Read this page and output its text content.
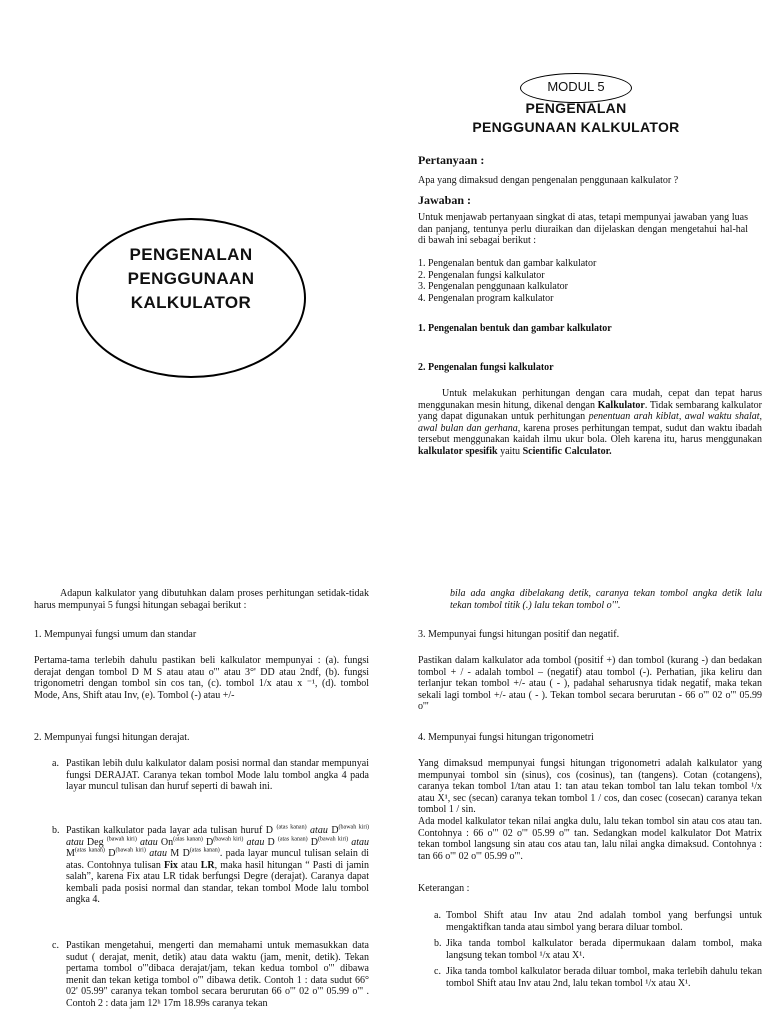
PENGENALAN
PENGGUNAAN
KALKULATOR
MODUL 5
PENGENALAN
PENGGUNAAN KALKULATOR
Pertanyaan :
Apa yang dimaksud dengan pengenalan penggunaan kalkulator ?
Jawaban :
Untuk menjawab pertanyaan singkat di atas, tetapi mempunyai jawaban yang luas dan panjang, tentunya perlu diuraikan dan dijelaskan dengan mengetahui hal-hal di bawah ini sebagai berikut :

1. Pengenalan bentuk dan gambar kalkulator

2. Pengenalan fungsi kalkulator

3. Pengenalan penggunaan kalkulator

4. Pengenalan program kalkulator

1. Pengenalan bentuk dan gambar kalkulator
2. Pengenalan fungsi kalkulator
Untuk melakukan perhitungan dengan cara mudah, cepat dan tepat harus menggunakan mesin hitung, dikenal dengan Kalkulator. Tidak sembarang kalkulator yang dapat digunakan untuk perhitungan penentuan arah kiblat, awal waktu shalat, awal bulan dan gerhana, karena proses perhitungan tempat, sudut dan waktu ibadah tersebut menggunakan kaidah ilmu ukur bola. Oleh karena itu, harus menggunakan kalkulator spesifik yaitu Scientific Calculator.
Adapun kalkulator yang dibutuhkan dalam proses perhitungan setidak-tidak harus mempunyai 5 fungsi hitungan sebagai berikut :
1. Mempunyai fungsi umum dan standar
Pertama-tama terlebih dahulu pastikan beli kalkulator mempunyai : (a). fungsi derajat dengan tombol D M S atau atau o'" atau 3°' DD atau 2ndf, (b). fungsi trigonometri dengan tombol sin cos tan, (c). tombol 1/x atau x ⁻¹, (d). tombol Mode, Ans, Shift atau Inv, (e). Tombol (-) atau +/-
2. Mempunyai fungsi hitungan derajat.
a. Pastikan lebih dulu kalkulator dalam posisi normal dan standar mempunyai fungsi DERAJAT. Caranya tekan tombol Mode lalu tombol angka 4 pada layar muncul tulisan dan huruf seperti di bawah ini.
b. Pastikan kalkulator pada layar ada tulisan huruf D $^{(atas kanan)}$ atau $D^{(bawah kiri)}$ atau Deg $^{(bawah kiri)}$ atau $On^{(atas kanan)}$ $D^{(bawah kiri)}$ atau D $^{(atas kanan)}$ $D^{(bawah kiri)}$ atau $M^{(atas kanan)}$ $D^{(bawah kiri)}$ atau M $D^{(atas kanan)}$. pada layar muncul tulisan selain di atas. Contohnya tulisan Fix atau LR, maka hasil hitungan “ Pasti di jamin salah”, karena Fix atau LR tidak berfungsi Degre (derajat). Caranya dapat kembali pada posisi normal dan standar, tekan tombol Mode lalu tombol angka 4.
c. Pastikan mengetahui, mengerti dan memahami untuk memasukkan data sudut ( derajat, menit, detik) atau data waktu (jam, menit, detik). Tekan pertama tombol o'"dibaca derajat/jam, tekan kedua tombol o'" dibawa menit dan tekan ketiga tombol o'" dibawa detik. Contoh 1 : data sudut 66° 02' 05.99" caranya tekan tombol secara berurutan 66 o'" 02 o'" 05.99 o'" . Contoh 2 : data jam 12ʰ 17m 18.99s caranya tekan
bila ada angka dibelakang detik, caranya tekan tombol angka detik lalu tekan tombol titik (.) lalu tekan tombol o'".
3. Mempunyai fungsi hitungan positif dan negatif.
Pastikan dalam kalkulator ada tombol (positif +) dan tombol (kurang -) dan bedakan tombol + / - adalah tombol – (negatif) atau tombol (-). Perhatian, jika keliru dan terlanjur tekan tombol +/- atau ( - ), padahal seharusnya tidak negatif, maka tekan sekali lagi tombol +/- atau ( - ). Tekan tombol secara berurutan - 66 o'" 02 o'" 05.99 o'"
4. Mempunyai fungsi hitungan trigonometri
Yang dimaksud mempunyai fungsi hitungan trigonometri adalah kalkulator yang mempunyai tombol sin (sinus), cos (cosinus), tan (tangens). Cotan (cotangens), caranya tekan tombol 1/tan atau 1: tan atau tekan tombol tan lalu tekan tombol ¹/x atau X¹, sec (secan) caranya tekan tombol 1 / cos, dan cosec (cosecan) caranya tekan tombol 1 / sin.
Ada model kalkulator tekan nilai angka dulu, lalu tekan tombol sin atau cos atau tan. Contohnya : 66 o'" 02 o'" 05.99 o'" tan. Sedangkan model kalkulator Dot Matrix tekan tombol langsung sin atau cos atau tan, lalu nilai angka dimaksud. Contohnya : tan 66 o'" 02 o'" 05.99 o'".
Keterangan :
a. Tombol Shift atau Inv atau 2nd adalah tombol yang berfungsi untuk mengaktifkan tanda atau simbol yang berara diluar tombol.
b. Jika tanda tombol kalkulator berada dipermukaan dalam tombol, maka langsung tekan tombol ¹/x atau X¹.
c. Jika tanda tombol kalkulator berada diluar tombol, maka terlebih dahulu tekan tombol Shift atau Inv atau 2nd, lalu tekan tombol ¹/x atau X¹.
